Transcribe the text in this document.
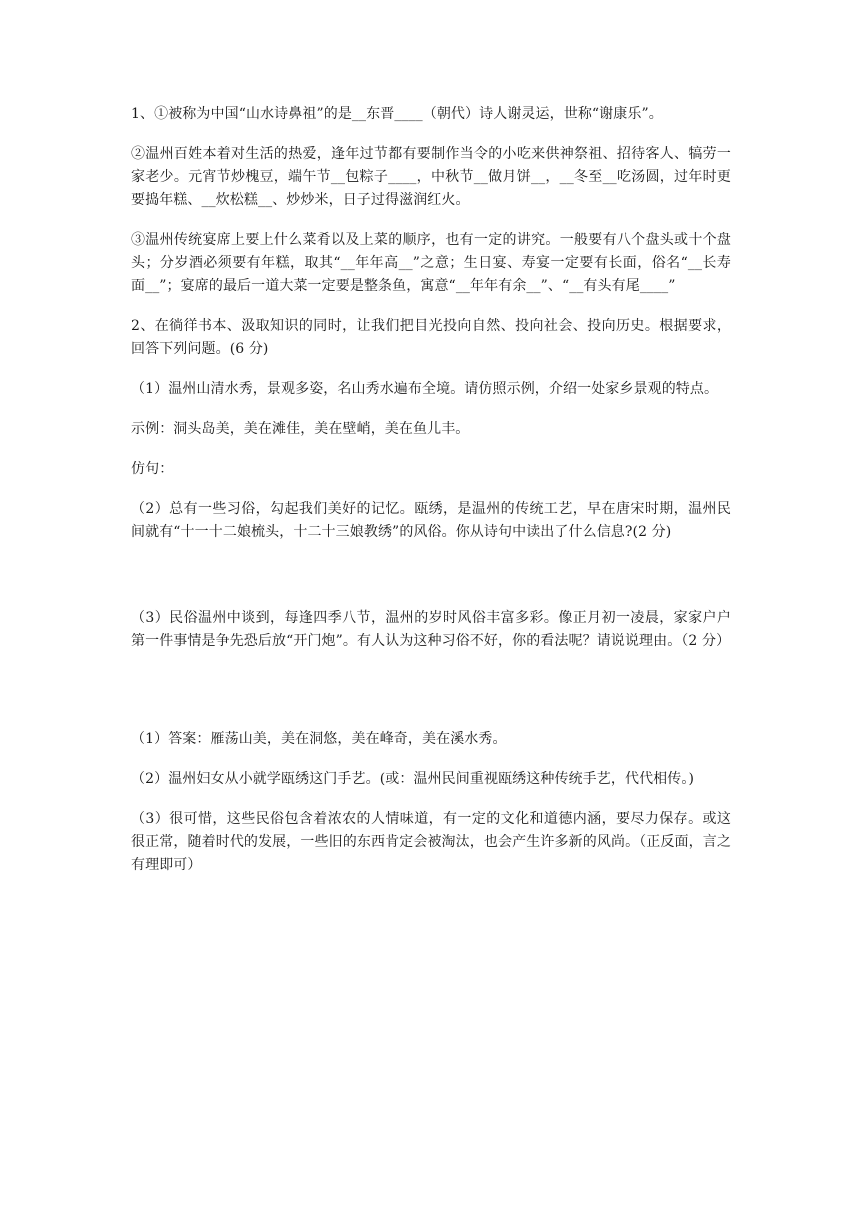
1、①被称为中国“山水诗鼻祖”的是__东晋____（朝代）诗人谢灵运，世称“谢康乐”。

②温州百姓本着对生活的热爱，逢年过节都有要制作当令的小吃来供神祭祖、招待客人、犒劳一家老少。元宵节炒槐豆，端午节__包粽子____，中秋节__做月饼__，__冬至__吃汤圆，过年时更要捣年糕、__炊松糕__、炒炒米，日子过得滋润红火。

③温州传统宴席上要上什么菜肴以及上菜的顺序，也有一定的讲究。一般要有八个盘头或十个盘头；分岁酒必须要有年糕，取其“__年年高__”之意；生日宴、寿宴一定要有长面，俗名“__长寿面__”；宴席的最后一道大菜一定要是整条鱼，寓意“__年年有余__”、“__有头有尾____”

2、在徜徉书本、汲取知识的同时，让我们把目光投向自然、投向社会、投向历史。根据要求，回答下列问题。(6 分)

（1）温州山清水秀，景观多姿，名山秀水遍布全境。请仿照示例，介绍一处家乡景观的特点。

示例：洞头岛美，美在滩佳，美在壁峭，美在鱼儿丰。

仿句：

（2）总有一些习俗，勾起我们美好的记忆。瓯绣，是温州的传统工艺，早在唐宋时期，温州民间就有“十一十二娘梳头，十二十三娘教绣”的风俗。你从诗句中读出了什么信息?(2 分)

（3）民俗温州中谈到，每逢四季八节，温州的岁时风俗丰富多彩。像正月初一凌晨，家家户户第一件事情是争先恐后放“开门炮”。有人认为这种习俗不好，你的看法呢？请说说理由。（2 分）

（1）答案：雁荡山美，美在洞悠，美在峰奇，美在溪水秀。

（2）温州妇女从小就学瓯绣这门手艺。(或：温州民间重视瓯绣这种传统手艺，代代相传。)

（3）很可惜，这些民俗包含着浓农的人情味道，有一定的文化和道德内涵，要尽力保存。或这很正常，随着时代的发展，一些旧的东西肯定会被淘汰，也会产生许多新的风尚。（正反面，言之有理即可）
